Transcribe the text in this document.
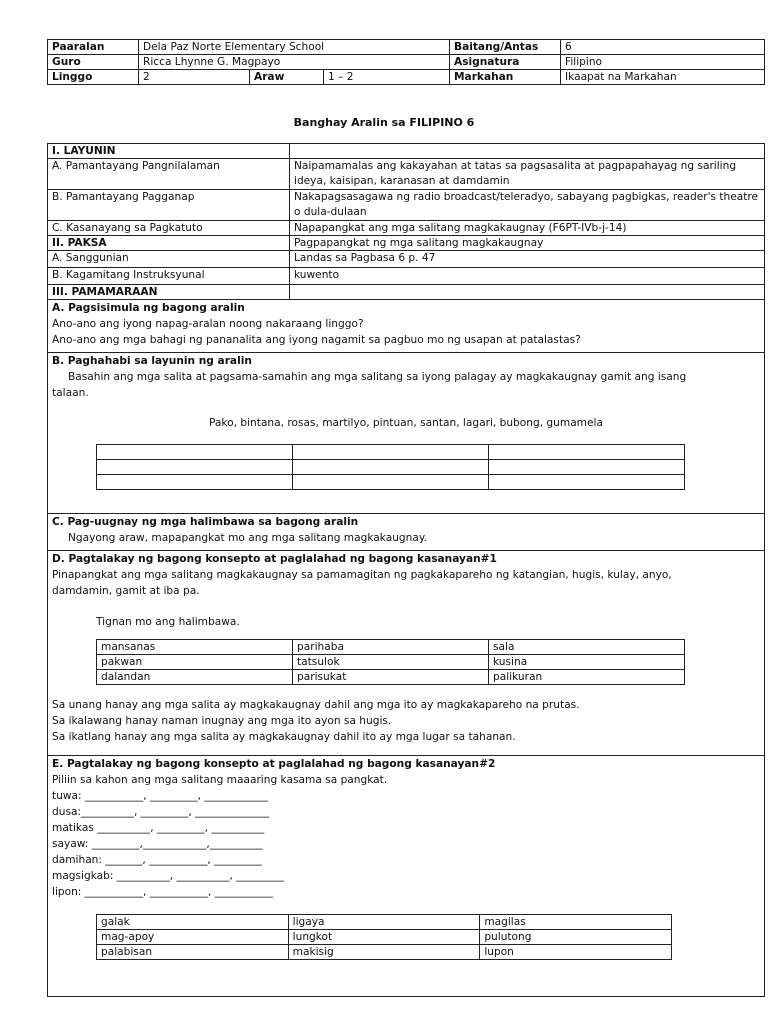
Paaralan	Dela Paz Norte Elementary School			Baitang/Antas	6
Guro	Ricca Lhynne G. Magpayo			Asignatura	Filipino
Linggo	2	Araw	1 – 2	Markahan	Ikaapat na Markahan
Banghay Aralin sa FILIPINO 6
I. LAYUNIN	
A. Pamantayang Pangnilalaman	Naipamamalas ang kakayahan at tatas sa pagsasalita at pagpapahayag ng sariling ideya, kaisipan, karanasan at damdamin
B. Pamantayang Pagganap	Nakapagsasagawa ng radio broadcast/teleradyo, sabayang pagbigkas, reader's theatre o dula-dulaan
C. Kasanayang sa Pagkatuto	Napapangkat ang mga salitang magkakaugnay (F6PT-IVb-j-14)
II. PAKSA	Pagpapangkat ng mga salitang magkakaugnay
A. Sanggunian	Landas sa Pagbasa 6 p. 47
B. Kagamitang Instruksyunal	kuwento
III. PAMAMARAAN	

A. Pagsisimula ng bagong aralin

Ano-ano ang iyong napag-aralan noong nakaraang linggo?

Ano-ano ang mga bahagi ng pananalita ang iyong nagamit sa pagbuo mo ng usapan at patalastas?

B. Paghahabi sa layunin ng aralin

Basahin ang mga salita at pagsama-samahin ang mga salitang sa iyong palagay ay magkakaugnay gamit ang isang

talaan.

Pako, bintana, rosas, martilyo, pintuan, santan, lagari, bubong, gumamela

C. Pag-uugnay ng mga halimbawa sa bagong aralin

Ngayong araw, mapapangkat mo ang mga salitang magkakaugnay.

D. Pagtalakay ng bagong konsepto at paglalahad ng bagong kasanayan#1

Pinapangkat ang mga salitang magkakaugnay sa pamamagitan ng pagkakapareho ng katangian, hugis, kulay, anyo,

damdamin, gamit at iba pa.

Tignan mo ang halimbawa.

mansanas	parihaba	sala
pakwan	tatsulok	kusina
dalandan	parisukat	palikuran

Sa unang hanay ang mga salita ay magkakaugnay dahil ang mga ito ay magkakapareho na prutas.

Sa ikalawang hanay naman inugnay ang mga ito ayon sa hugis.

Sa ikatlang hanay ang mga salita ay magkakaugnay dahil ito ay mga lugar sa tahanan.

E. Pagtalakay ng bagong konsepto at paglalahad ng bagong kasanayan#2

Piliin sa kahon ang mga salitang maaaring kasama sa pangkat.

tuwa: ___________, _________, ____________

dusa:__________, _________, ______________

matikas __________, _________, __________

sayaw: _________,____________,__________

damihan: _______, ___________, _________

magsigkab: __________, __________, _________

lipon: ___________, ___________, ___________

galak	ligaya	magilas
mag-apoy	lungkot	pulutong
palabisan	makisig	lupon
